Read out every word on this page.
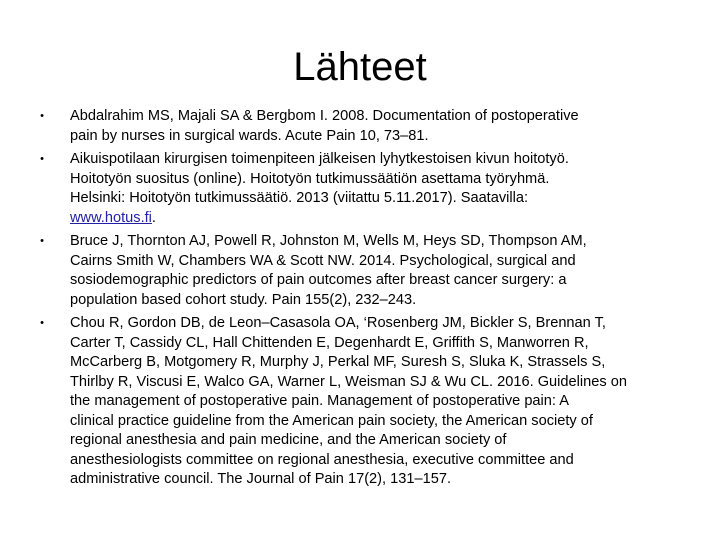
Lähteet
•	Abdalrahim MS, Majali SA & Bergbom I. 2008. Documentation of postoperative
pain by nurses in surgical wards. Acute Pain 10, 73–81.
•	Aikuispotilaan kirurgisen toimenpiteen jälkeisen lyhytkestoisen kivun hoitotyö.
Hoitotyön suositus (online). Hoitotyön tutkimussäätiön asettama työryhmä.
Helsinki: Hoitotyön tutkimussäätiö. 2013 (viitattu 5.11.2017). Saatavilla:
www.hotus.fi.
•	Bruce J, Thornton AJ, Powell R, Johnston M, Wells M, Heys SD, Thompson AM,
Cairns Smith W, Chambers WA & Scott NW. 2014. Psychological, surgical and
sosiodemographic predictors of pain outcomes after breast cancer surgery: a
population based cohort study. Pain 155(2), 232–243.
•	Chou R, Gordon DB, de Leon–Casasola OA, ‘Rosenberg JM, Bickler S, Brennan T,
Carter T, Cassidy CL, Hall Chittenden E, Degenhardt E, Griffith S, Manworren R,
McCarberg B, Motgomery R, Murphy J, Perkal MF, Suresh S, Sluka K, Strassels S,
Thirlby R, Viscusi E, Walco GA, Warner L, Weisman SJ & Wu CL. 2016. Guidelines on
the management of postoperative pain. Management of postoperative pain: A
clinical practice guideline from the American pain society, the American society of
regional anesthesia and pain medicine, and the American society of
anesthesiologists committee on regional anesthesia, executive committee and
administrative council. The Journal of Pain 17(2), 131–157.
